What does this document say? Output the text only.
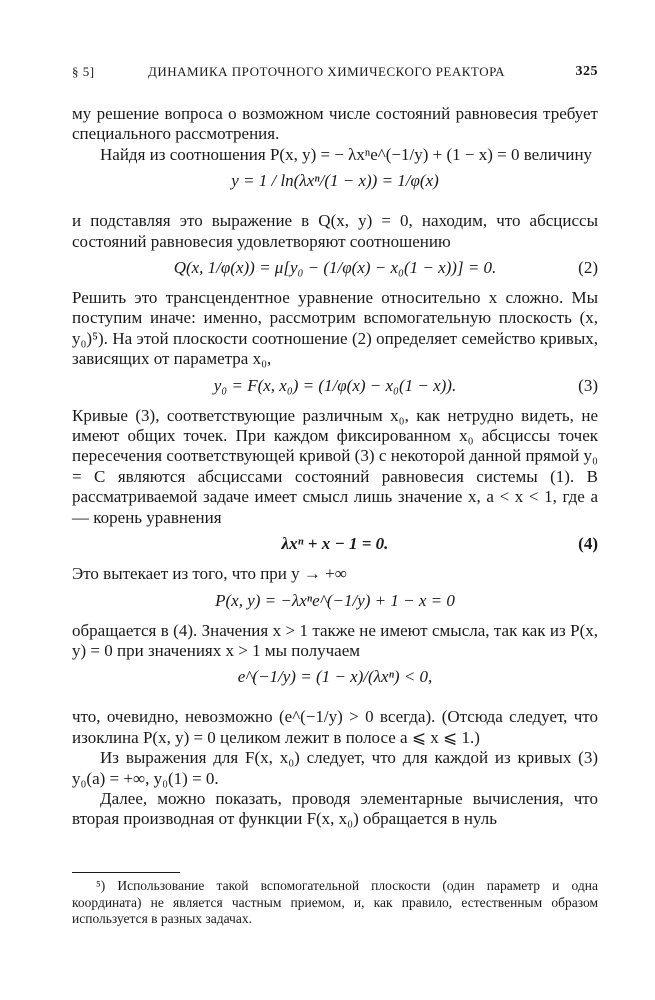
§ 5]	ДИНАМИКА ПРОТОЧНОГО ХИМИЧЕСКОГО РЕАКТОРА	325

му решение вопроса о возможном числе состояний равновесия требует специального рассмотрения.

Найдя из соотношения P(x, y) = − λxⁿe^(−1/y) + (1 − x) = 0 величину

y = 1 / ln(λxⁿ/(1 − x)) = 1/φ(x)

и подставляя это выражение в Q(x, y) = 0, находим, что абсциссы состояний равновесия удовлетворяют соотношению

Q(x, 1/φ(x)) = μ[y₀ − (1/φ(x) − x₀(1 − x))] = 0.	(2)

Решить это трансцендентное уравнение относительно x сложно. Мы поступим иначе: именно, рассмотрим вспомогательную плоскость (x, y₀)⁵). На этой плоскости соотношение (2) определяет семейство кривых, зависящих от параметра x₀,

y₀ = F(x, x₀) = (1/φ(x) − x₀(1 − x)).	(3)

Кривые (3), соответствующие различным x₀, как нетрудно видеть, не имеют общих точек. При каждом фиксированном x₀ абсциссы точек пересечения соответствующей кривой (3) с некоторой данной прямой y₀ = C являются абсциссами состояний равновесия системы (1). В рассматриваемой задаче имеет смысл лишь значение x, a < x < 1, где a — корень уравнения

λxⁿ + x − 1 = 0.	(4)

Это вытекает из того, что при y → +∞

P(x, y) = −λxⁿe^(−1/y) + 1 − x = 0

обращается в (4). Значения x > 1 также не имеют смысла, так как из P(x, y) = 0 при значениях x > 1 мы получаем

e^(−1/y) = (1 − x)/(λxⁿ) < 0,

что, очевидно, невозможно (e^(−1/y) > 0 всегда). (Отсюда следует, что изоклина P(x, y) = 0 целиком лежит в полосе a ⩽ x ⩽ 1.)

Из выражения для F(x, x₀) следует, что для каждой из кривых (3) y₀(a) = +∞, y₀(1) = 0.

Далее, можно показать, проводя элементарные вычисления, что вторая производная от функции F(x, x₀) обращается в нуль

⁵) Использование такой вспомогательной плоскости (один параметр и одна координата) не является частным приемом, и, как правило, естественным образом используется в разных задачах.
